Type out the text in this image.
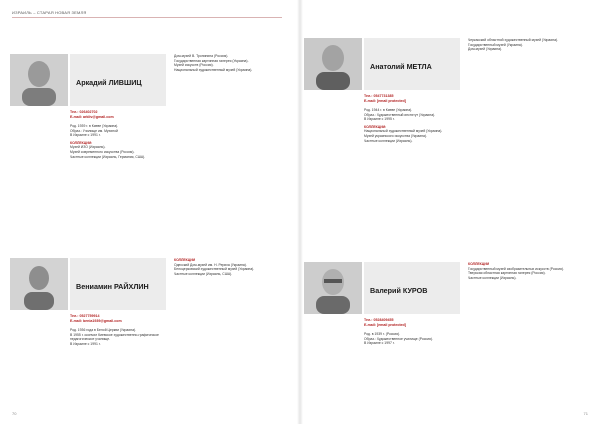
ИЗРАИЛЬ – СТАРАЯ НОВАЯ ЗЕМЛЯ
Аркадий ЛИВШИЦ
Тел.: 026402702
E-mail: arkliv@gmail.com

Род. 1939 г. в Киеве (Украина).
Образ.: Училище им. Мухиной
В Израиле с 1991 г.

КОЛЛЕКЦИИ:
Музей ИЗО (Израиль).
Музей современного искусства (Россия).
Частные коллекции (Израиль, Германия, США).
Дом-музей В. Тропинина (Россия).
Государственная картинная галерея (Украина).
Музей искусств (Россия).
Национальный художественный музей (Украина).
Вениамин РАЙХЛИН
Тел.: 0527759914
E-mail: benia1939@gmail.com

Род. 1936 года в Белой Церкви (Украина).
В 1955 г. окончил Киевское художественно-графическое педагогическое училище.
В Израиле с 1991 г.

КОЛЛЕКЦИИ
Одесский Дом-музей им. Н. Рериха (Украина).
Белоцерковский художественный музей (Украина).
Частные коллекции (Израиль, США).
70
Анатолий МЕТЛА
Тел.: 0547731385
E-mail: [email protected]

Род. 1944 г. в Киеве (Украина).
Образ.: Художественный институт (Украина).
В Израиле с 1995 г.

КОЛЛЕКЦИИ:
Национальный художественный музей (Украина).
Музей украинского искусства (Украина).
Частные коллекции (Израиль).
Черкасский областной художественный музей (Украина).
Государственный музей (Украина).
Дом-музей (Украина).
Валерий КУРОВ
Тел.: 0528409455
E-mail: [email protected]

Род. в 1939 г. (Россия).
Образ.: Художественное училище (Россия).
В Израиле с 1997 г.

КОЛЛЕКЦИИ
Государственный музей изобразительных искусств (Россия).
Тверская областная картинная галерея (Россия).
Частные коллекции (Израиль).
71
